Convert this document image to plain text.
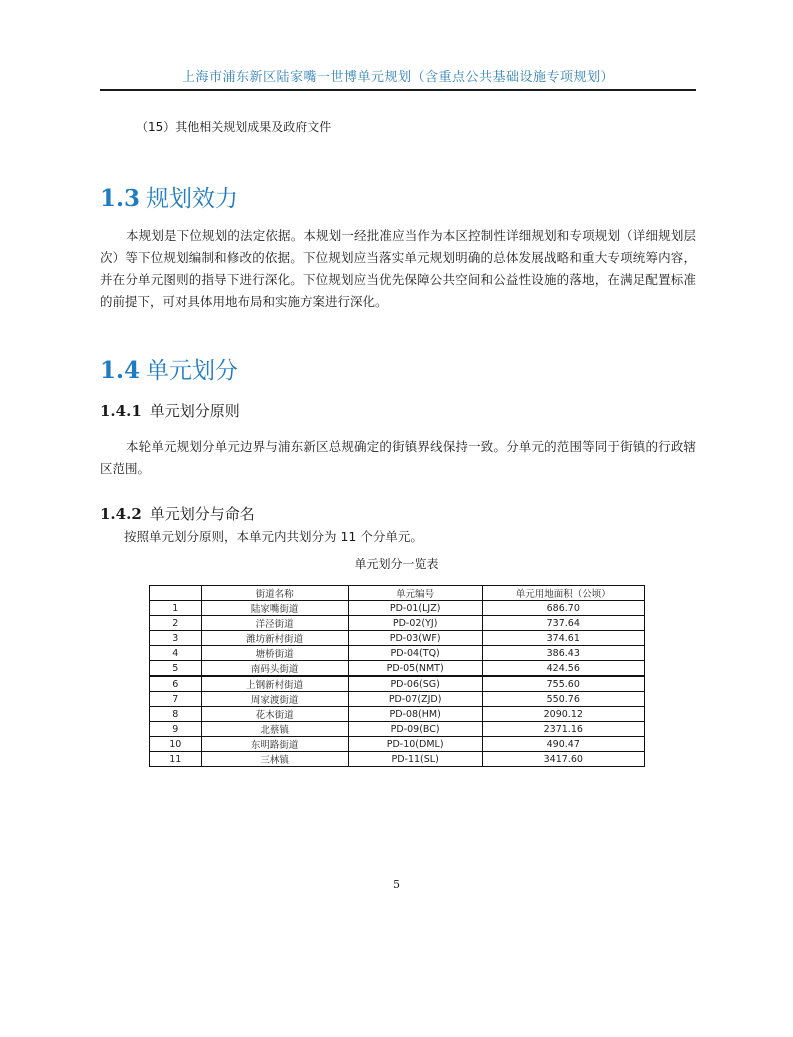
上海市浦东新区陆家嘴一世博单元规划（含重点公共基础设施专项规划）
（15）其他相关规划成果及政府文件
1.3 规划效力
本规划是下位规划的法定依据。本规划一经批准应当作为本区控制性详细规划和专项规划（详细规划层次）等下位规划编制和修改的依据。下位规划应当落实单元规划明确的总体发展战略和重大专项统筹内容，并在分单元图则的指导下进行深化。下位规划应当优先保障公共空间和公益性设施的落地，在满足配置标准的前提下，可对具体用地布局和实施方案进行深化。
1.4 单元划分
1.4.1 单元划分原则
本轮单元规划分单元边界与浦东新区总规确定的街镇界线保持一致。分单元的范围等同于街镇的行政辖区范围。
1.4.2 单元划分与命名
按照单元划分原则，本单元内共划分为 11 个分单元。
单元划分一览表
	街道名称	单元编号	单元用地面积（公顷）
1	陆家嘴街道	PD-01(LJZ)	686.70
2	洋泾街道	PD-02(YJ)	737.64
3	潍坊新村街道	PD-03(WF)	374.61
4	塘桥街道	PD-04(TQ)	386.43
5	南码头街道	PD-05(NMT)	424.56
6	上钢新村街道	PD-06(SG)	755.60
7	周家渡街道	PD-07(ZJD)	550.76
8	花木街道	PD-08(HM)	2090.12
9	北蔡镇	PD-09(BC)	2371.16
10	东明路街道	PD-10(DML)	490.47
11	三林镇	PD-11(SL)	3417.60
5
